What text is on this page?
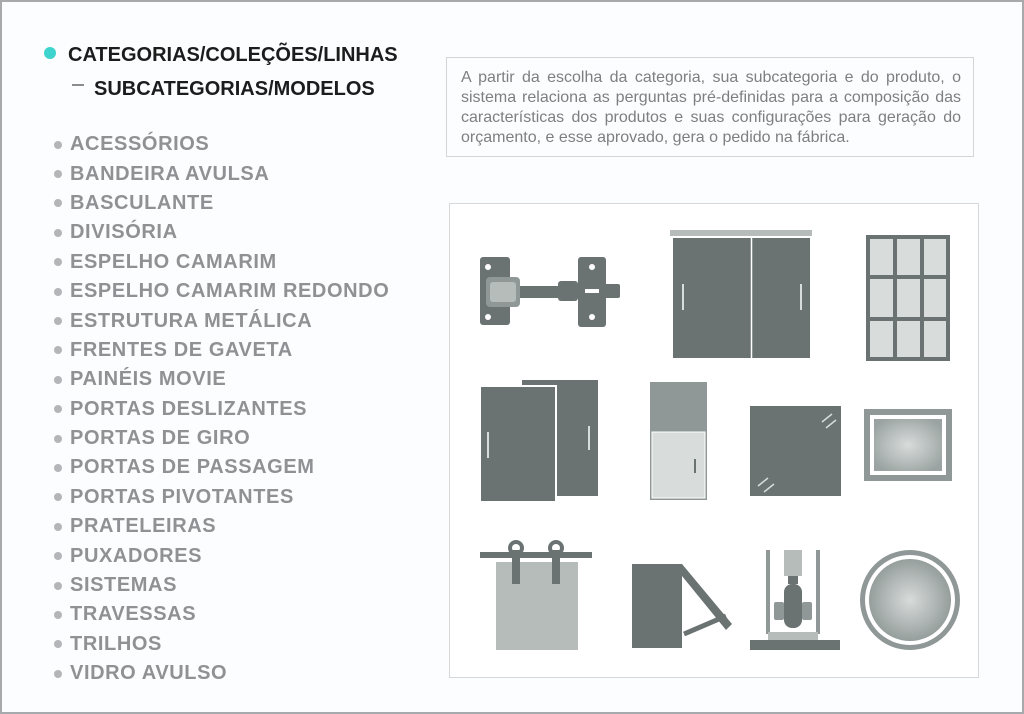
CATEGORIAS/COLEÇÕES/LINHAS
SUBCATEGORIAS/MODELOS
ACESSÓRIOS
BANDEIRA AVULSA
BASCULANTE
DIVISÓRIA
ESPELHO CAMARIM
ESPELHO CAMARIM REDONDO
ESTRUTURA METÁLICA
FRENTES DE GAVETA
PAINÉIS MOVIE
PORTAS DESLIZANTES
PORTAS DE GIRO
PORTAS DE PASSAGEM
PORTAS PIVOTANTES
PRATELEIRAS
PUXADORES
SISTEMAS
TRAVESSAS
TRILHOS
VIDRO AVULSO
A partir da escolha da categoria, sua subcategoria e do produto, o sistema relaciona as perguntas pré-definidas para a composição das características dos produtos e suas configurações para geração do orçamento, e esse aprovado, gera o pedido na fábrica.
